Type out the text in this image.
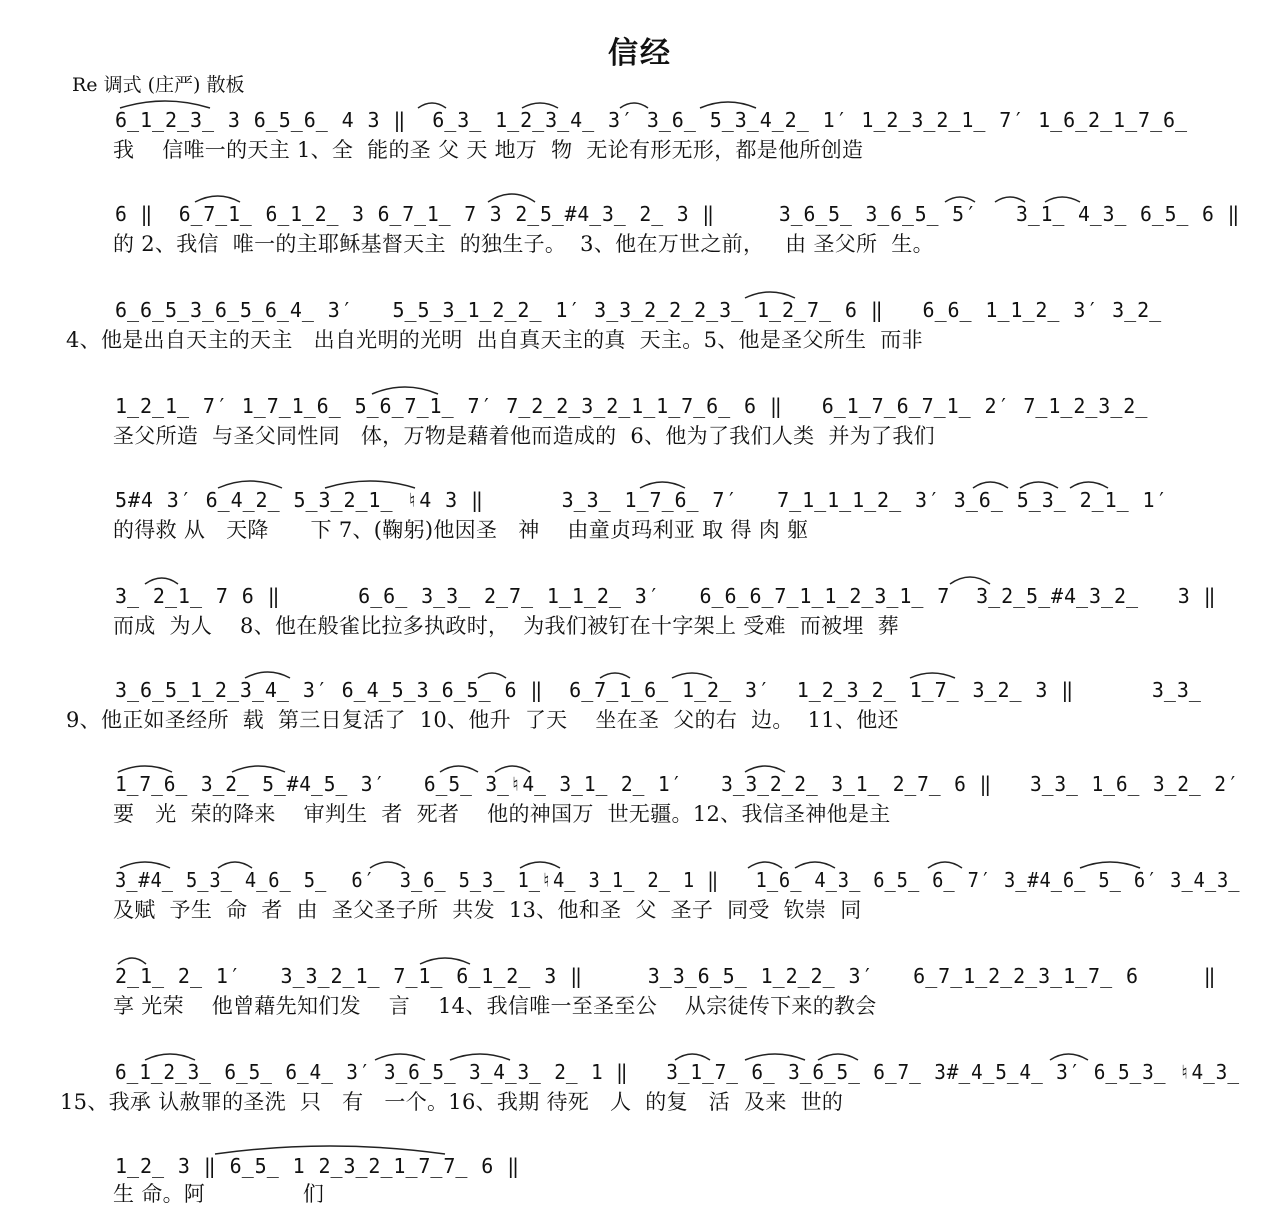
信经
Re 调式 (庄严) 散板
6̲1̲2̲3̲ 3 6̲5̲6̲ 4 3 ‖  6̲3̲ 1̲2̲3̲4̲ 3′ 3̲6̲ 5̲3̲4̲2̲ 1′ 1̲2̲3̲2̲1̲ 7′ 1̲6̲2̲1̲7̲6̲
我    信唯一的天主 1、全  能的圣 父 天 地万  物  无论有形无形，都是他所创造
6 ‖  6̲7̲1̲ 6̲1̲2̲ 3 6̲7̲1̲ 7 3 2̲5̲#4̲3̲ 2̲ 3 ‖     3̲6̲5̲ 3̲6̲5̲ 5′   3̲1̲ 4̲3̲ 6̲5̲ 6 ‖
的 2、我信  唯一的主耶稣基督天主  的独生子。  3、他在万世之前，   由 圣父所  生。
6̲6̲5̲3̲6̲5̲6̲4̲ 3′   5̲5̲3̲1̲2̲2̲ 1′ 3̲3̲2̲2̲2̲3̲ 1̲2̲7̲ 6 ‖   6̲6̲ 1̲1̲2̲ 3′ 3̲2̲
4、他是出自天主的天主   出自光明的光明  出自真天主的真  天主。5、他是圣父所生  而非
1̲2̲1̲ 7′ 1̲7̲1̲6̲ 5̲6̲7̲1̲ 7′ 7̲2̲2̲3̲2̲1̲1̲7̲6̲ 6 ‖   6̲1̲7̲6̲7̲1̲ 2′ 7̲1̲2̲3̲2̲
圣父所造  与圣父同性同   体，万物是藉着他而造成的  6、他为了我们人类  并为了我们
5#4 3′ 6̲4̲2̲ 5̲3̲2̲1̲ ♮4 3 ‖      3̲3̲ 1̲7̲6̲ 7′   7̲1̲1̲1̲2̲ 3′ 3̲6̲ 5̲3̲ 2̲1̲ 1′
的得救 从   天降      下 7、(鞠躬)他因圣   神    由童贞玛利亚 取 得 肉 躯
3̲ 2̲1̲ 7 6 ‖      6̲6̲ 3̲3̲ 2̲7̲ 1̲1̲2̲ 3′   6̲6̲6̲7̲1̲1̲2̲3̲1̲ 7  3̲2̲5̲#4̲3̲2̲   3 ‖
而成  为人    8、他在般雀比拉多执政时，  为我们被钉在十字架上 受难  而被埋  葬
3̲6̲5̲1̲2̲3̲4̲ 3′ 6̲4̲5̲3̲6̲5̲ 6 ‖  6̲7̲1̲6̲ 1̲2̲ 3′  1̲2̲3̲2̲ 1̲7̲ 3̲2̲ 3 ‖      3̲3̲
9、他正如圣经所  载  第三日复活了  10、他升  了天    坐在圣  父的右  边。  11、他还
1̲7̲6̲ 3̲2̲ 5̲#4̲5̲ 3′   6̲5̲ 3̲♮4̲ 3̲1̲ 2̲ 1′   3̲3̲2̲2̲ 3̲1̲ 2̲7̲ 6 ‖   3̲3̲ 1̲6̲ 3̲2̲ 2′
要   光  荣的降来    审判生  者  死者    他的神国万  世无疆。12、我信圣神他是主
3̲#4̲ 5̲3̲ 4̲6̲ 5̲  6′  3̲6̲ 5̲3̲ 1̲♮4̲ 3̲1̲ 2̲ 1 ‖   1̲6̲ 4̲3̲ 6̲5̲ 6̲ 7′ 3̲#4̲6̲ 5̲ 6′ 3̲4̲3̲
及赋  予生  命  者  由  圣父圣子所  共发  13、他和圣  父  圣子  同受  钦崇  同
2̲1̲ 2̲ 1′   3̲3̲2̲1̲ 7̲1̲ 6̲1̲2̲ 3 ‖     3̲3̲6̲5̲ 1̲2̲2̲ 3′   6̲7̲1̲2̲2̲3̲1̲7̲ 6     ‖
享 光荣    他曾藉先知们发    言    14、我信唯一至圣至公    从宗徒传下来的教会
6̲1̲2̲3̲ 6̲5̲ 6̲4̲ 3′ 3̲6̲5̲ 3̲4̲3̲ 2̲ 1 ‖   3̲1̲7̲ 6̲ 3̲6̲5̲ 6̲7̲ 3#̲4̲5̲4̲ 3′ 6̲5̲3̲ ♮4̲3̲
15、我承 认赦罪的圣洗  只   有   一个。16、我期 待死   人  的复   活  及来  世的
1̲2̲ 3 ‖ 6̲5̲ 1 2̲3̲2̲1̲7̲7̲ 6 ‖
生 命。阿              们
